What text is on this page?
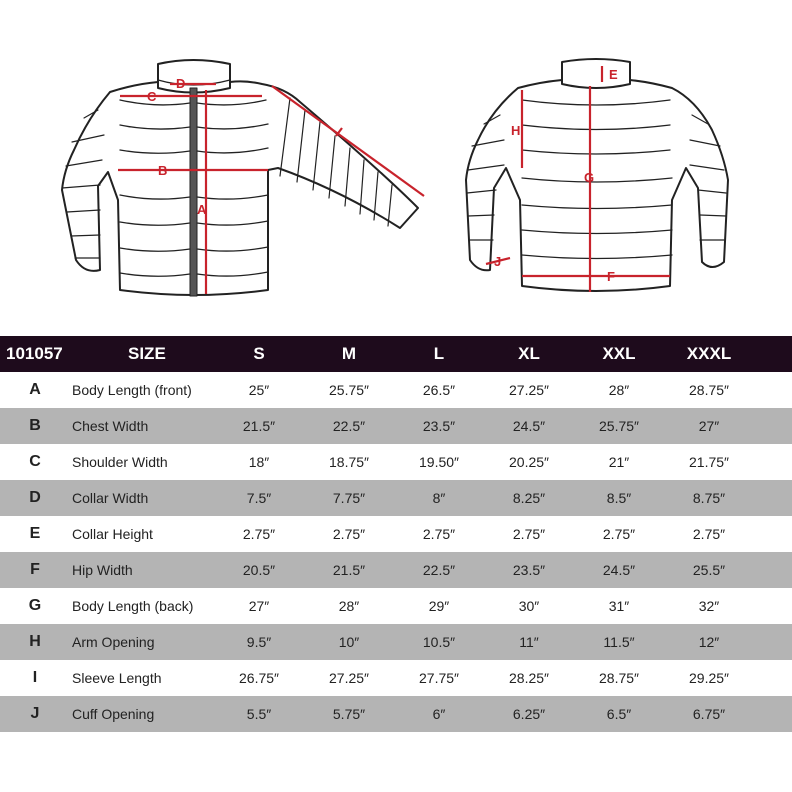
D
C
B
A
E
H
G
J
F
101057	SIZE	S	M	L	XL	XXL	XXXL
A	Body Length (front)	25″	25.75″	26.5″	27.25″	28″	28.75″
B	Chest Width	21.5″	22.5″	23.5″	24.5″	25.75″	27″
C	Shoulder Width	18″	18.75″	19.50″	20.25″	21″	21.75″
D	Collar Width	7.5″	7.75″	8″	8.25″	8.5″	8.75″
E	Collar Height	2.75″	2.75″	2.75″	2.75″	2.75″	2.75″
F	Hip Width	20.5″	21.5″	22.5″	23.5″	24.5″	25.5″
G	Body Length (back)	27″	28″	29″	30″	31″	32″
H	Arm Opening	9.5″	10″	10.5″	11″	11.5″	12″
I	Sleeve Length	26.75″	27.25″	27.75″	28.25″	28.75″	29.25″
J	Cuff Opening	5.5″	5.75″	6″	6.25″	6.5″	6.75″
